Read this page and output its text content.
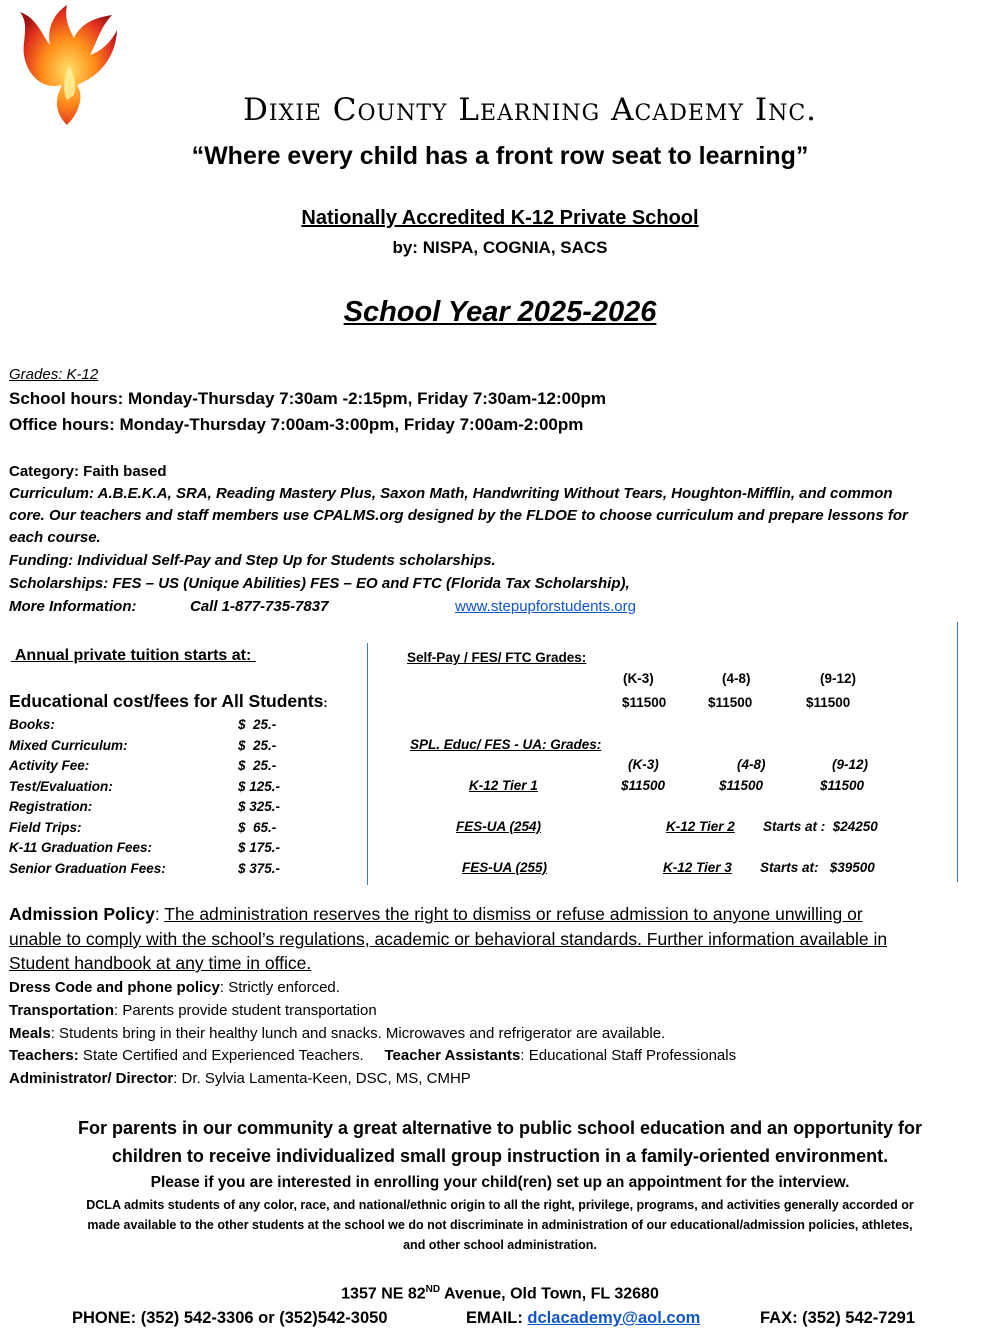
Dixie County Learning Academy Inc.
“Where every child has a front row seat to learning”
Nationally Accredited K-12 Private School
by: NISPA, COGNIA, SACS
School Year 2025-2026
Grades: K-12
School hours: Monday-Thursday 7:30am -2:15pm, Friday 7:30am-12:00pm
Office hours: Monday-Thursday 7:00am-3:00pm, Friday 7:00am-2:00pm
Category: Faith based
Curriculum: A.B.E.K.A, SRA, Reading Mastery Plus, Saxon Math, Handwriting Without Tears, Houghton-Mifflin, and common
core. Our teachers and staff members use CPALMS.org designed by the FLDOE to choose curriculum and prepare lessons for
each course.
Funding: Individual Self-Pay and Step Up for Students scholarships.
Scholarships: FES – US (Unique Abilities) FES – EO and FTC (Florida Tax Scholarship),
More Information:	Call 1-877-735-7837	www.stepupforstudents.org
Annual private tuition starts at:
Educational cost/fees for All Students:
Books:	$  25.-
Mixed Curriculum:	$  25.-
Activity Fee:	$  25.-
Test/Evaluation:	$ 125.-
Registration:	$ 325.-
Field Trips:	$  65.-
K-11 Graduation Fees:	$ 175.-
Senior Graduation Fees:	$ 375.-
Self-Pay / FES/ FTC Grades:
(K-3)	(4-8)	(9-12)
$11500	$11500	$11500
SPL. Educ/ FES - UA: Grades:
(K-3)	(4-8)	(9-12)
K-12 Tier 1	$11500	$11500	$11500
FES-UA (254)	K-12 Tier 2 Starts at :  $24250
FES-UA (255)	K-12 Tier 3 Starts at:   $39500
Admission Policy: The administration reserves the right to dismiss or refuse admission to anyone unwilling or
unable to comply with the school’s regulations, academic or behavioral standards. Further information available in
Student handbook at any time in office.
Dress Code and phone policy: Strictly enforced.
Transportation: Parents provide student transportation
Meals: Students bring in their healthy lunch and snacks. Microwaves and refrigerator are available.
Teachers: State Certified and Experienced Teachers. Teacher Assistants: Educational Staff Professionals
Administrator/ Director: Dr. Sylvia Lamenta-Keen, DSC, MS, CMHP
For parents in our community a great alternative to public school education and an opportunity for
children to receive individualized small group instruction in a family-oriented environment.
Please if you are interested in enrolling your child(ren) set up an appointment for the interview.
DCLA admits students of any color, race, and national/ethnic origin to all the right, privilege, programs, and activities generally accorded or
made available to the other students at the school we do not discriminate in administration of our educational/admission policies, athletes,
and other school administration.
1357 NE 82ND Avenue, Old Town, FL 32680
PHONE: (352) 542-3306 or (352)542-3050	EMAIL: dclacademy@aol.com	FAX: (352) 542-7291
